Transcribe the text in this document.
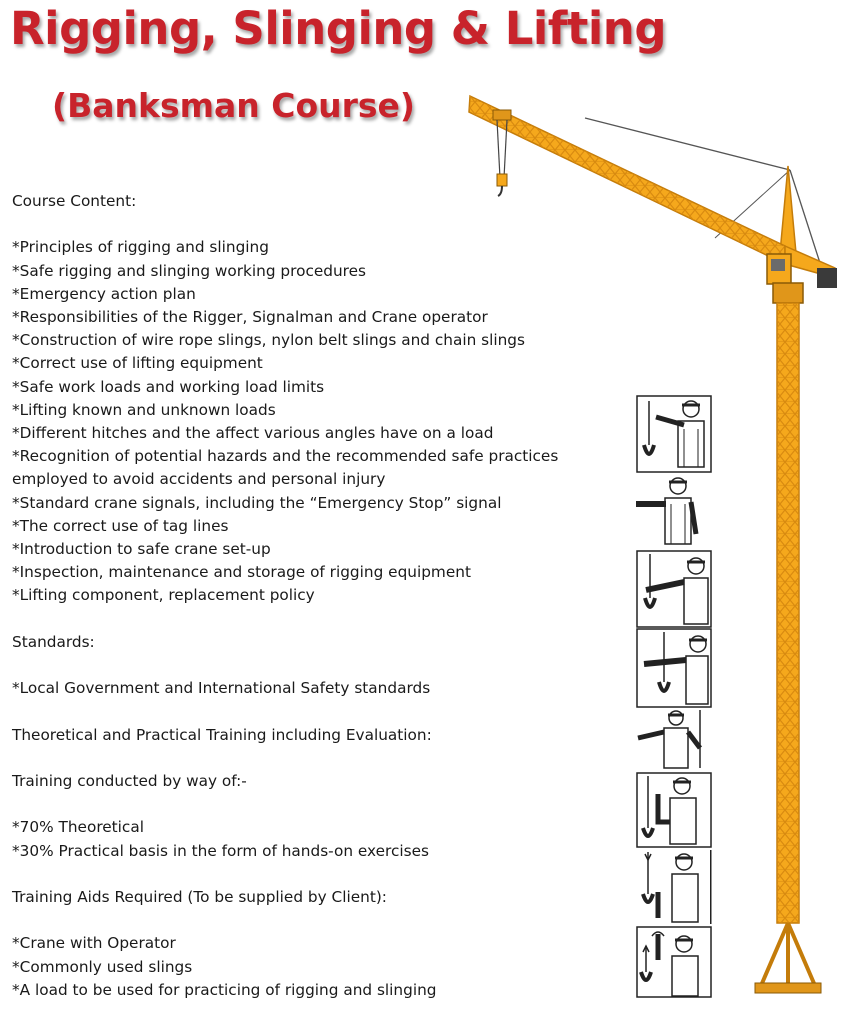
Rigging, Slinging & Lifting
(Banksman Course)

Course Content:

*Principles of rigging and slinging

*Safe rigging and slinging working procedures

*Emergency action plan

*Responsibilities of the Rigger, Signalman and Crane operator

*Construction of wire rope slings, nylon belt slings and chain slings

*Correct use of lifting equipment

*Safe work loads and working load limits

*Lifting known and unknown loads

*Different hitches and the affect various angles have on a load

*Recognition of potential hazards and the recommended safe practices employed to avoid accidents and personal injury

*Standard crane signals, including the “Emergency Stop” signal

*The correct use of tag lines

*Introduction to safe crane set-up

*Inspection, maintenance and storage of rigging equipment

*Lifting component, replacement policy

Standards:

*Local Government and International Safety standards

Theoretical and Practical Training including Evaluation:

Training conducted by way of:-

*70% Theoretical

*30% Practical basis in the form of hands-on exercises

Training Aids Required (To be supplied by Client):

*Crane with Operator

*Commonly used slings

*A load to be used for practicing of rigging and slinging
